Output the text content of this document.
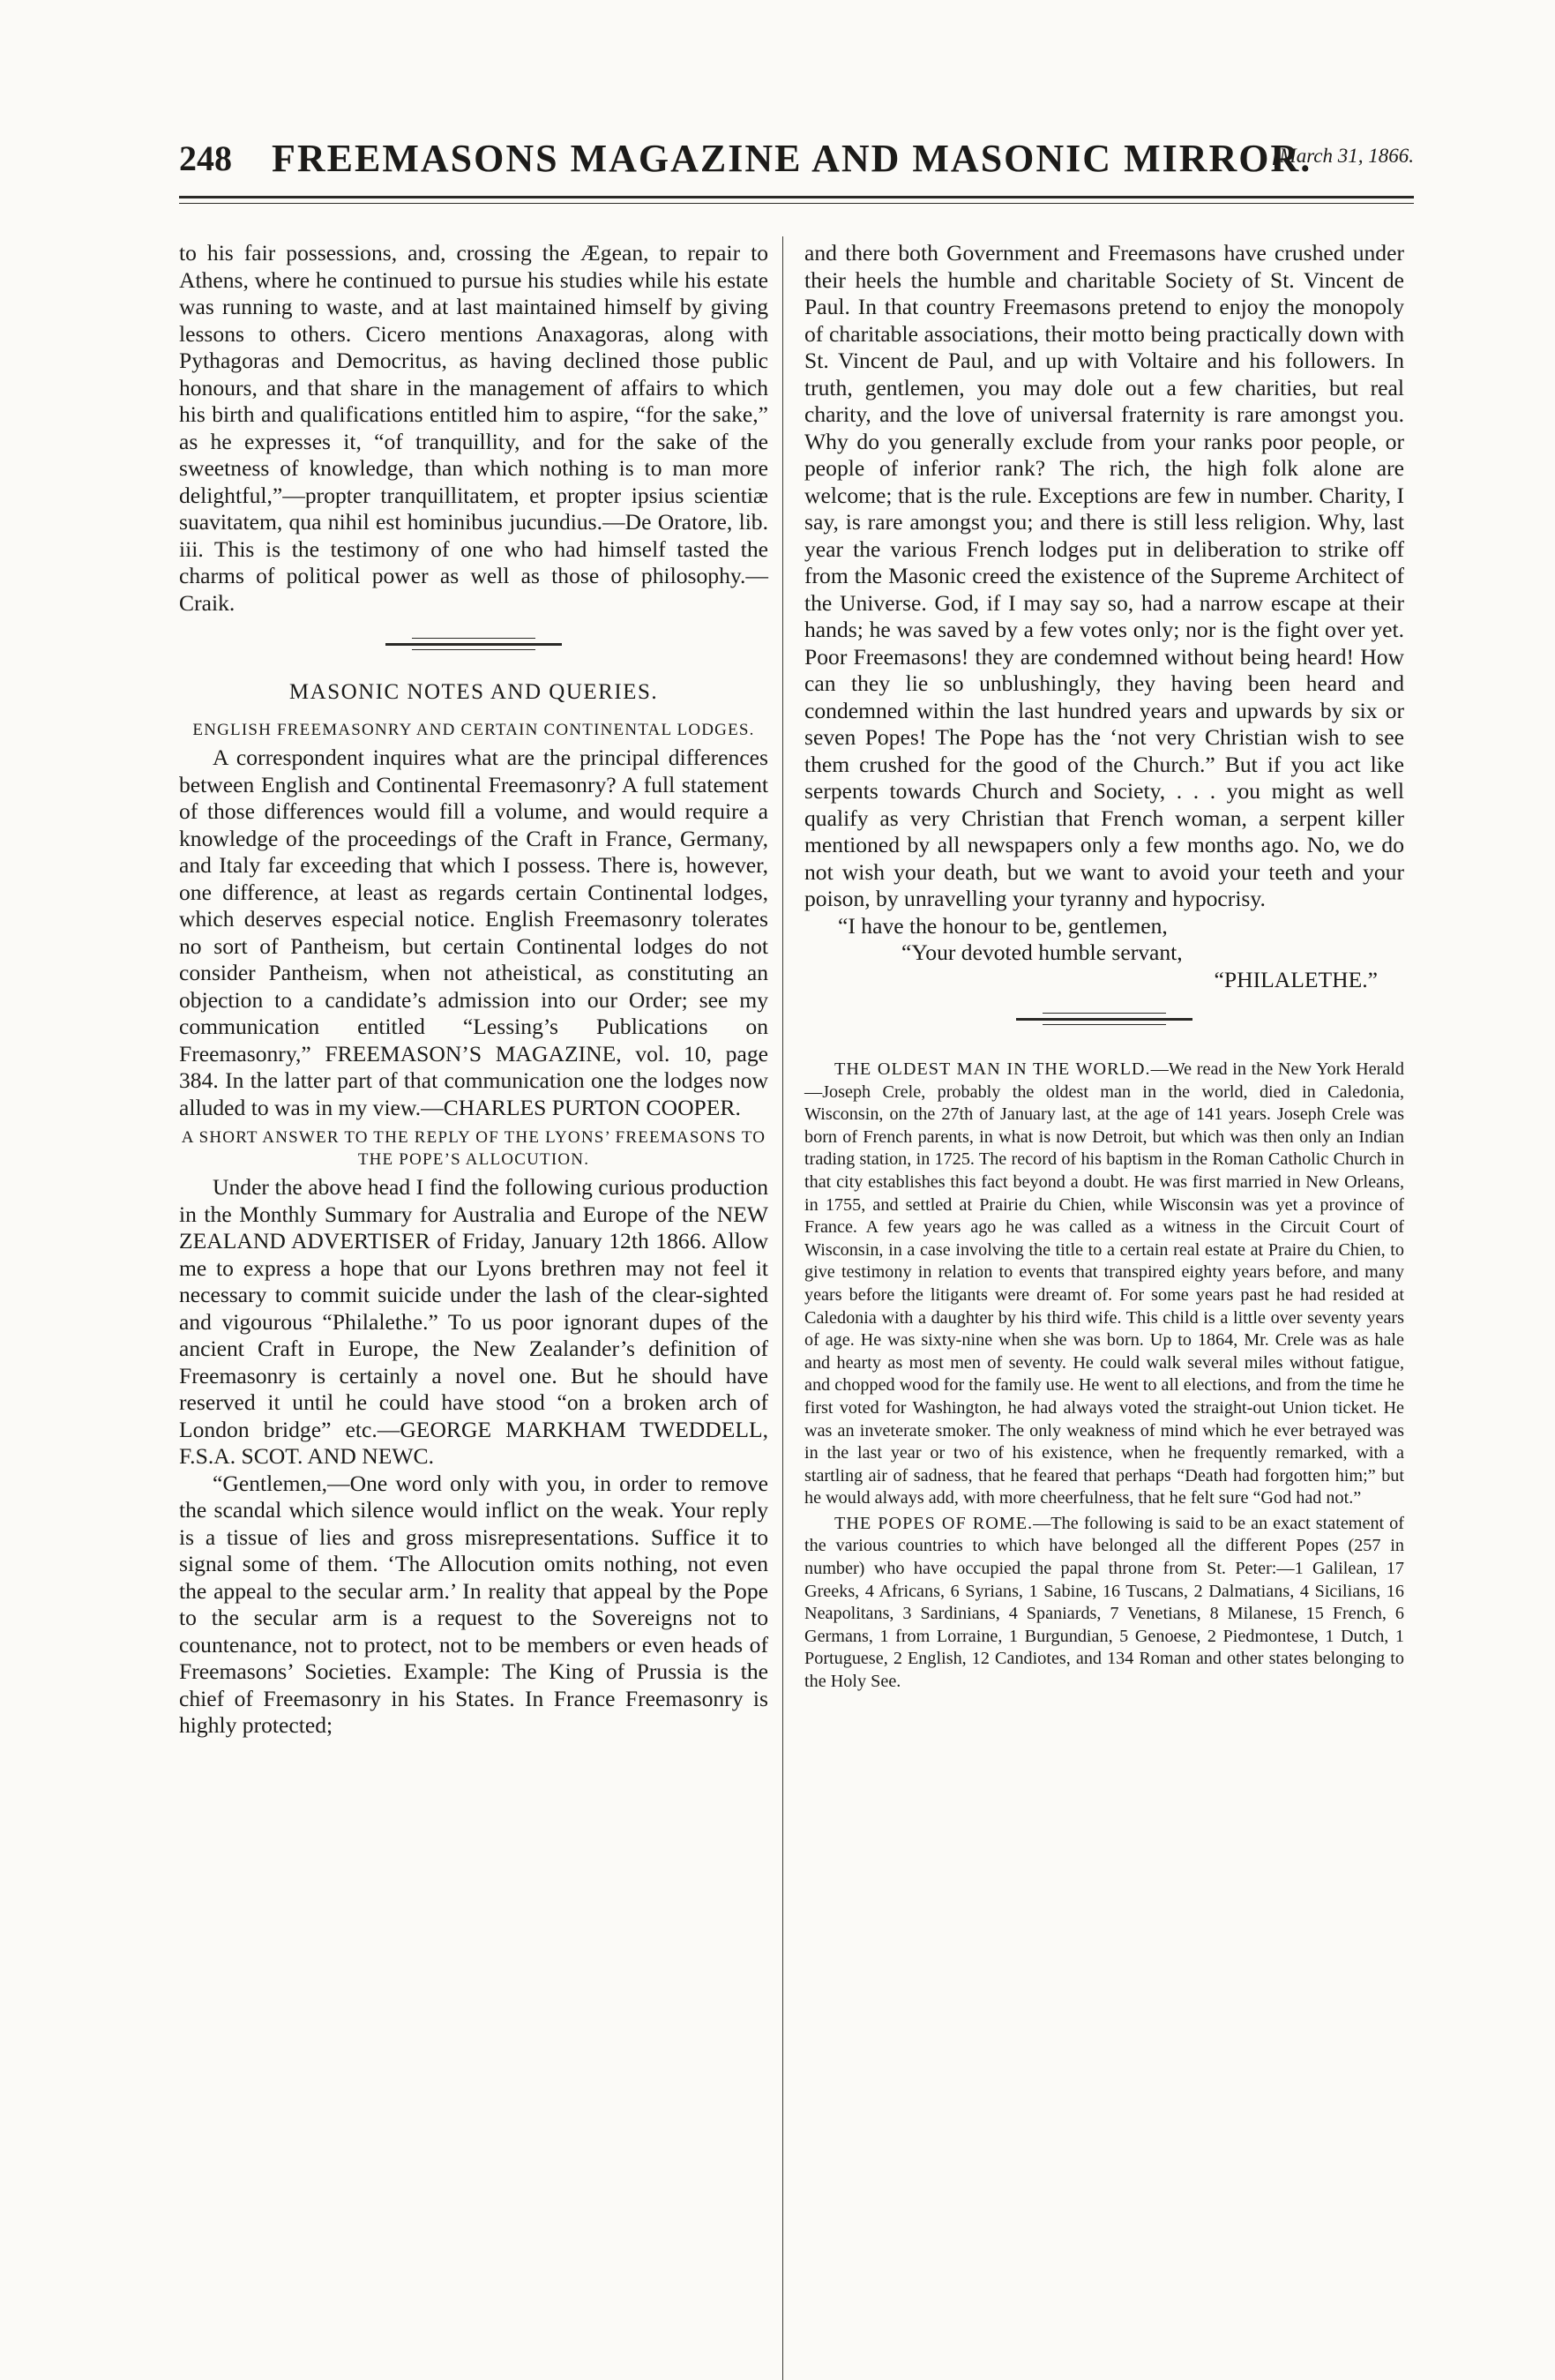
248 FREEMASONS MAGAZINE AND MASONIC MIRROR.
[March 31, 1866.

to his fair possessions, and, crossing the Ægean, to repair to Athens, where he continued to pursue his studies while his estate was running to waste, and at last maintained himself by giving lessons to others. Cicero mentions Anaxagoras, along with Pythagoras and Democritus, as having declined those public honours, and that share in the management of affairs to which his birth and qualifications entitled him to aspire, “for the sake,” as he expresses it, “of tranquillity, and for the sake of the sweetness of knowledge, than which nothing is to man more delightful,”—propter tranquillitatem, et propter ipsius scientiæ suavitatem, qua nihil est hominibus jucundius.—De Oratore, lib. iii. This is the testimony of one who had himself tasted the charms of political power as well as those of philosophy.—Craik.

MASONIC NOTES AND QUERIES.
ENGLISH FREEMASONRY AND CERTAIN CONTINENTAL LODGES.

A correspondent inquires what are the principal differences between English and Continental Freemasonry? A full statement of those differences would fill a volume, and would require a knowledge of the proceedings of the Craft in France, Germany, and Italy far exceeding that which I possess. There is, however, one difference, at least as regards certain Continental lodges, which deserves especial notice. English Freemasonry tolerates no sort of Pantheism, but certain Continental lodges do not consider Pantheism, when not atheistical, as constituting an objection to a candidate’s admission into our Order; see my communication entitled “Lessing’s Publications on Freemasonry,” FREEMASON’S MAGAZINE, vol. 10, page 384. In the latter part of that communication one the lodges now alluded to was in my view.—CHARLES PURTON COOPER.

A SHORT ANSWER TO THE REPLY OF THE LYONS’ FREEMASONS TO THE POPE’S ALLOCUTION.

Under the above head I find the following curious production in the Monthly Summary for Australia and Europe of the NEW ZEALAND ADVERTISER of Friday, January 12th 1866. Allow me to express a hope that our Lyons brethren may not feel it necessary to commit suicide under the lash of the clear-sighted and vigourous “Philalethe.” To us poor ignorant dupes of the ancient Craft in Europe, the New Zealander’s definition of Freemasonry is certainly a novel one. But he should have reserved it until he could have stood “on a broken arch of London bridge” etc.—GEORGE MARKHAM TWEDDELL, F.S.A. SCOT. AND NEWC.

“Gentlemen,—One word only with you, in order to remove the scandal which silence would inflict on the weak. Your reply is a tissue of lies and gross misrepresentations. Suffice it to signal some of them. ‘The Allocution omits nothing, not even the appeal to the secular arm.’ In reality that appeal by the Pope to the secular arm is a request to the Sovereigns not to countenance, not to protect, not to be members or even heads of Freemasons’ Societies. Example: The King of Prussia is the chief of Freemasonry in his States. In France Freemasonry is highly protected;

and there both Government and Freemasons have crushed under their heels the humble and charitable Society of St. Vincent de Paul. In that country Freemasons pretend to enjoy the monopoly of charitable associations, their motto being practically down with St. Vincent de Paul, and up with Voltaire and his followers. In truth, gentlemen, you may dole out a few charities, but real charity, and the love of universal fraternity is rare amongst you. Why do you generally exclude from your ranks poor people, or people of inferior rank? The rich, the high folk alone are welcome; that is the rule. Exceptions are few in number. Charity, I say, is rare amongst you; and there is still less religion. Why, last year the various French lodges put in deliberation to strike off from the Masonic creed the existence of the Supreme Architect of the Universe. God, if I may say so, had a narrow escape at their hands; he was saved by a few votes only; nor is the fight over yet. Poor Freemasons! they are condemned without being heard! How can they lie so unblushingly, they having been heard and condemned within the last hundred years and upwards by six or seven Popes! The Pope has the ‘not very Christian wish to see them crushed for the good of the Church.” But if you act like serpents towards Church and Society, . . . you might as well qualify as very Christian that French woman, a serpent killer mentioned by all newspapers only a few months ago. No, we do not wish your death, but we want to avoid your teeth and your poison, by unravelling your tyranny and hypocrisy.

“I have the honour to be, gentlemen,

“Your devoted humble servant,

“PHILALETHE.”

THE OLDEST MAN IN THE WORLD.—We read in the New York Herald—Joseph Crele, probably the oldest man in the world, died in Caledonia, Wisconsin, on the 27th of January last, at the age of 141 years. Joseph Crele was born of French parents, in what is now Detroit, but which was then only an Indian trading station, in 1725. The record of his baptism in the Roman Catholic Church in that city establishes this fact beyond a doubt. He was first married in New Orleans, in 1755, and settled at Prairie du Chien, while Wisconsin was yet a province of France. A few years ago he was called as a witness in the Circuit Court of Wisconsin, in a case involving the title to a certain real estate at Praire du Chien, to give testimony in relation to events that transpired eighty years before, and many years before the litigants were dreamt of. For some years past he had resided at Caledonia with a daughter by his third wife. This child is a little over seventy years of age. He was sixty-nine when she was born. Up to 1864, Mr. Crele was as hale and hearty as most men of seventy. He could walk several miles without fatigue, and chopped wood for the family use. He went to all elections, and from the time he first voted for Washington, he had always voted the straight-out Union ticket. He was an inveterate smoker. The only weakness of mind which he ever betrayed was in the last year or two of his existence, when he frequently remarked, with a startling air of sadness, that he feared that perhaps “Death had forgotten him;” but he would always add, with more cheerfulness, that he felt sure “God had not.”

THE POPES OF ROME.—The following is said to be an exact statement of the various countries to which have belonged all the different Popes (257 in number) who have occupied the papal throne from St. Peter:—1 Galilean, 17 Greeks, 4 Africans, 6 Syrians, 1 Sabine, 16 Tuscans, 2 Dalmatians, 4 Sicilians, 16 Neapolitans, 3 Sardinians, 4 Spaniards, 7 Venetians, 8 Milanese, 15 French, 6 Germans, 1 from Lorraine, 1 Burgundian, 5 Genoese, 2 Piedmontese, 1 Dutch, 1 Portuguese, 2 English, 12 Candiotes, and 134 Roman and other states belonging to the Holy See.
